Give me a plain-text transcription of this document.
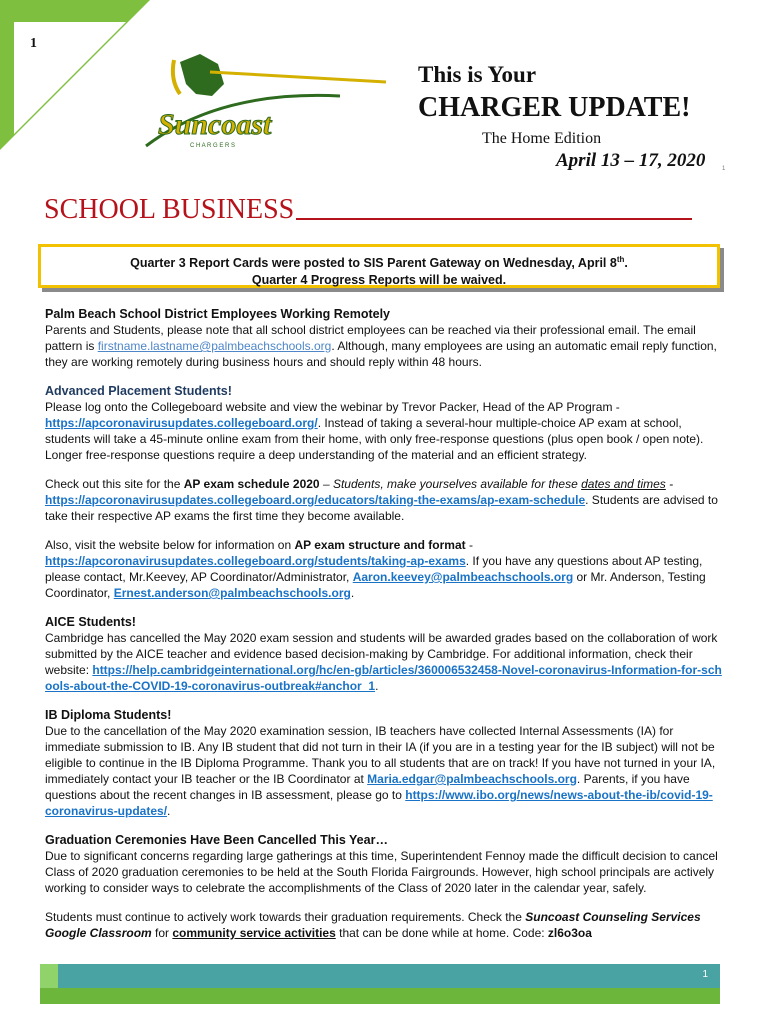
1
Suncoast
C H A R G E R S
This is Your
CHARGER UPDATE!
The Home Edition
April 13 – 17, 2020	1
SCHOOL BUSINESS
Quarter 3 Report Cards were posted to SIS Parent Gateway on Wednesday, April 8th.
Quarter 4 Progress Reports will be waived.

Palm Beach School District Employees Working Remotely

Parents and Students, please note that all school district employees can be reached via their professional email. The email pattern is firstname.lastname@palmbeachschools.org. Although, many employees are using an automatic email reply function, they are working remotely during business hours and should reply within 48 hours.

Advanced Placement Students!

Please log onto the Collegeboard website and view the webinar by Trevor Packer, Head of the AP Program - https://apcoronavirusupdates.collegeboard.org/. Instead of taking a several-hour multiple-choice AP exam at school, students will take a 45-minute online exam from their home, with only free-response questions (plus open book / open note). Longer free-response questions require a deep understanding of the material and an efficient strategy.

Check out this site for the AP exam schedule 2020 – Students, make yourselves available for these dates and times - https://apcoronavirusupdates.collegeboard.org/educators/taking-the-exams/ap-exam-schedule. Students are advised to take their respective AP exams the first time they become available.

Also, visit the website below for information on AP exam structure and format - https://apcoronavirusupdates.collegeboard.org/students/taking-ap-exams. If you have any questions about AP testing, please contact, Mr.Keevey, AP Coordinator/Administrator, Aaron.keevey@palmbeachschools.org or Mr. Anderson, Testing Coordinator, Ernest.anderson@palmbeachschools.org.

AICE Students!

Cambridge has cancelled the May 2020 exam session and students will be awarded grades based on the collaboration of work submitted by the AICE teacher and evidence based decision-making by Cambridge. For additional information, check their website: https://help.cambridgeinternational.org/hc/en-gb/articles/360006532458-Novel-coronavirus-Information-for-schools-about-the-COVID-19-coronavirus-outbreak#anchor_1.

IB Diploma Students!

Due to the cancellation of the May 2020 examination session, IB teachers have collected Internal Assessments (IA) for immediate submission to IB. Any IB student that did not turn in their IA (if you are in a testing year for the IB subject) will not be eligible to continue in the IB Diploma Programme. Thank you to all students that are on track! If you have not turned in your IA, immediately contact your IB teacher or the IB Coordinator at Maria.edgar@palmbeachschools.org. Parents, if you have questions about the recent changes in IB assessment, please go to https://www.ibo.org/news/news-about-the-ib/covid-19-coronavirus-updates/.

Graduation Ceremonies Have Been Cancelled This Year…

Due to significant concerns regarding large gatherings at this time, Superintendent Fennoy made the difficult decision to cancel Class of 2020 graduation ceremonies to be held at the South Florida Fairgrounds. However, high school principals are actively working to consider ways to celebrate the accomplishments of the Class of 2020 later in the calendar year, safely.

Students must continue to actively work towards their graduation requirements. Check the Suncoast Counseling Services Google Classroom for community service activities that can be done while at home. Code: zl6o3oa

1
